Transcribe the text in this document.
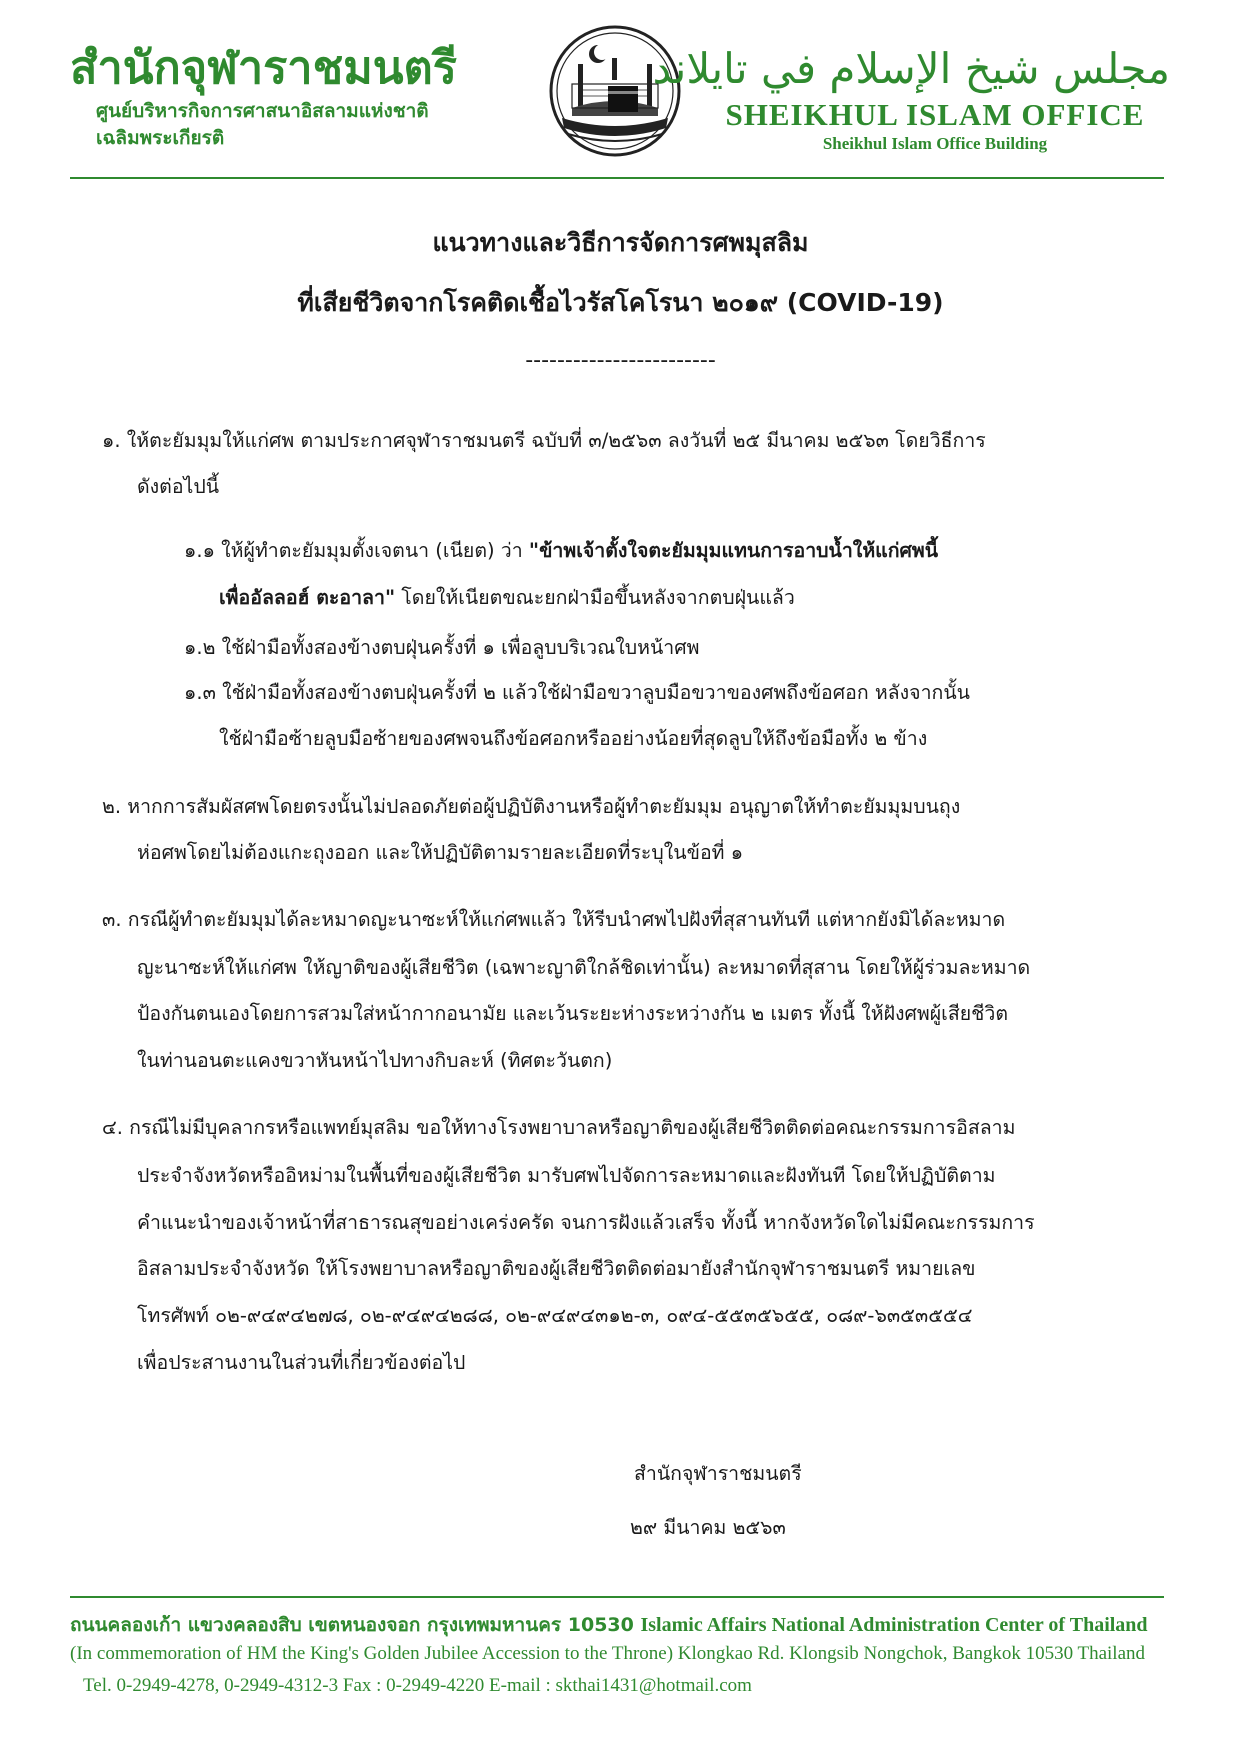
สำนักจุฬาราชมนตรี
ศูนย์บริหารกิจการศาสนาอิสลามแห่งชาติ
เฉลิมพระเกียรติ
مجلس شيخ الإسلام في تايلاند
SHEIKHUL ISLAM OFFICE
Sheikhul Islam Office Building
แนวทางและวิธีการจัดการศพมุสลิม
ที่เสียชีวิตจากโรคติดเชื้อไวรัสโคโรนา ๒๐๑๙ (COVID-19)
------------------------
๑. ให้ตะยัมมุมให้แก่ศพ ตามประกาศจุฬาราชมนตรี ฉบับที่ ๓/๒๕๖๓ ลงวันที่ ๒๕ มีนาคม ๒๕๖๓ โดยวิธีการ
ดังต่อไปนี้
๑.๑ ให้ผู้ทำตะยัมมุมตั้งเจตนา (เนียต) ว่า "ข้าพเจ้าตั้งใจตะยัมมุมแทนการอาบน้ำให้แก่ศพนี้
เพื่ออัลลอฮ์ ตะอาลา" โดยให้เนียตขณะยกฝ่ามือขึ้นหลังจากตบฝุ่นแล้ว
๑.๒ ใช้ฝ่ามือทั้งสองข้างตบฝุ่นครั้งที่ ๑ เพื่อลูบบริเวณใบหน้าศพ
๑.๓ ใช้ฝ่ามือทั้งสองข้างตบฝุ่นครั้งที่ ๒ แล้วใช้ฝ่ามือขวาลูบมือขวาของศพถึงข้อศอก หลังจากนั้น
ใช้ฝ่ามือซ้ายลูบมือซ้ายของศพจนถึงข้อศอกหรืออย่างน้อยที่สุดลูบให้ถึงข้อมือทั้ง ๒ ข้าง
๒. หากการสัมผัสศพโดยตรงนั้นไม่ปลอดภัยต่อผู้ปฏิบัติงานหรือผู้ทำตะยัมมุม อนุญาตให้ทำตะยัมมุมบนถุง
ห่อศพโดยไม่ต้องแกะถุงออก และให้ปฏิบัติตามรายละเอียดที่ระบุในข้อที่ ๑
๓. กรณีผู้ทำตะยัมมุมได้ละหมาดญะนาซะห์ให้แก่ศพแล้ว ให้รีบนำศพไปฝังที่สุสานทันที แต่หากยังมิได้ละหมาด
ญะนาซะห์ให้แก่ศพ ให้ญาติของผู้เสียชีวิต (เฉพาะญาติใกล้ชิดเท่านั้น) ละหมาดที่สุสาน โดยให้ผู้ร่วมละหมาด
ป้องกันตนเองโดยการสวมใส่หน้ากากอนามัย และเว้นระยะห่างระหว่างกัน ๒ เมตร ทั้งนี้ ให้ฝังศพผู้เสียชีวิต
ในท่านอนตะแคงขวาหันหน้าไปทางกิบละห์ (ทิศตะวันตก)
๔. กรณีไม่มีบุคลากรหรือแพทย์มุสลิม ขอให้ทางโรงพยาบาลหรือญาติของผู้เสียชีวิตติดต่อคณะกรรมการอิสลาม
ประจำจังหวัดหรืออิหม่ามในพื้นที่ของผู้เสียชีวิต มารับศพไปจัดการละหมาดและฝังทันที โดยให้ปฏิบัติตาม
คำแนะนำของเจ้าหน้าที่สาธารณสุขอย่างเคร่งครัด จนการฝังแล้วเสร็จ ทั้งนี้ หากจังหวัดใดไม่มีคณะกรรมการ
อิสลามประจำจังหวัด ให้โรงพยาบาลหรือญาติของผู้เสียชีวิตติดต่อมายังสำนักจุฬาราชมนตรี หมายเลข
โทรศัพท์ ๐๒-๙๔๙๔๒๗๘, ๐๒-๙๔๙๔๒๘๘, ๐๒-๙๔๙๔๓๑๒-๓, ๐๙๔-๕๕๓๕๖๕๕, ๐๘๙-๖๓๕๓๕๕๔
เพื่อประสานงานในส่วนที่เกี่ยวข้องต่อไป
สำนักจุฬาราชมนตรี
๒๙ มีนาคม ๒๕๖๓
ถนนคลองเก้า แขวงคลองสิบ เขตหนองจอก กรุงเทพมหานคร 10530 Islamic Affairs National Administration Center of Thailand
(In commemoration of HM the King's Golden Jubilee Accession to the Throne) Klongkao Rd. Klongsib Nongchok, Bangkok 10530 Thailand
Tel. 0-2949-4278, 0-2949-4312-3 Fax : 0-2949-4220 E-mail : skthai1431@hotmail.com
